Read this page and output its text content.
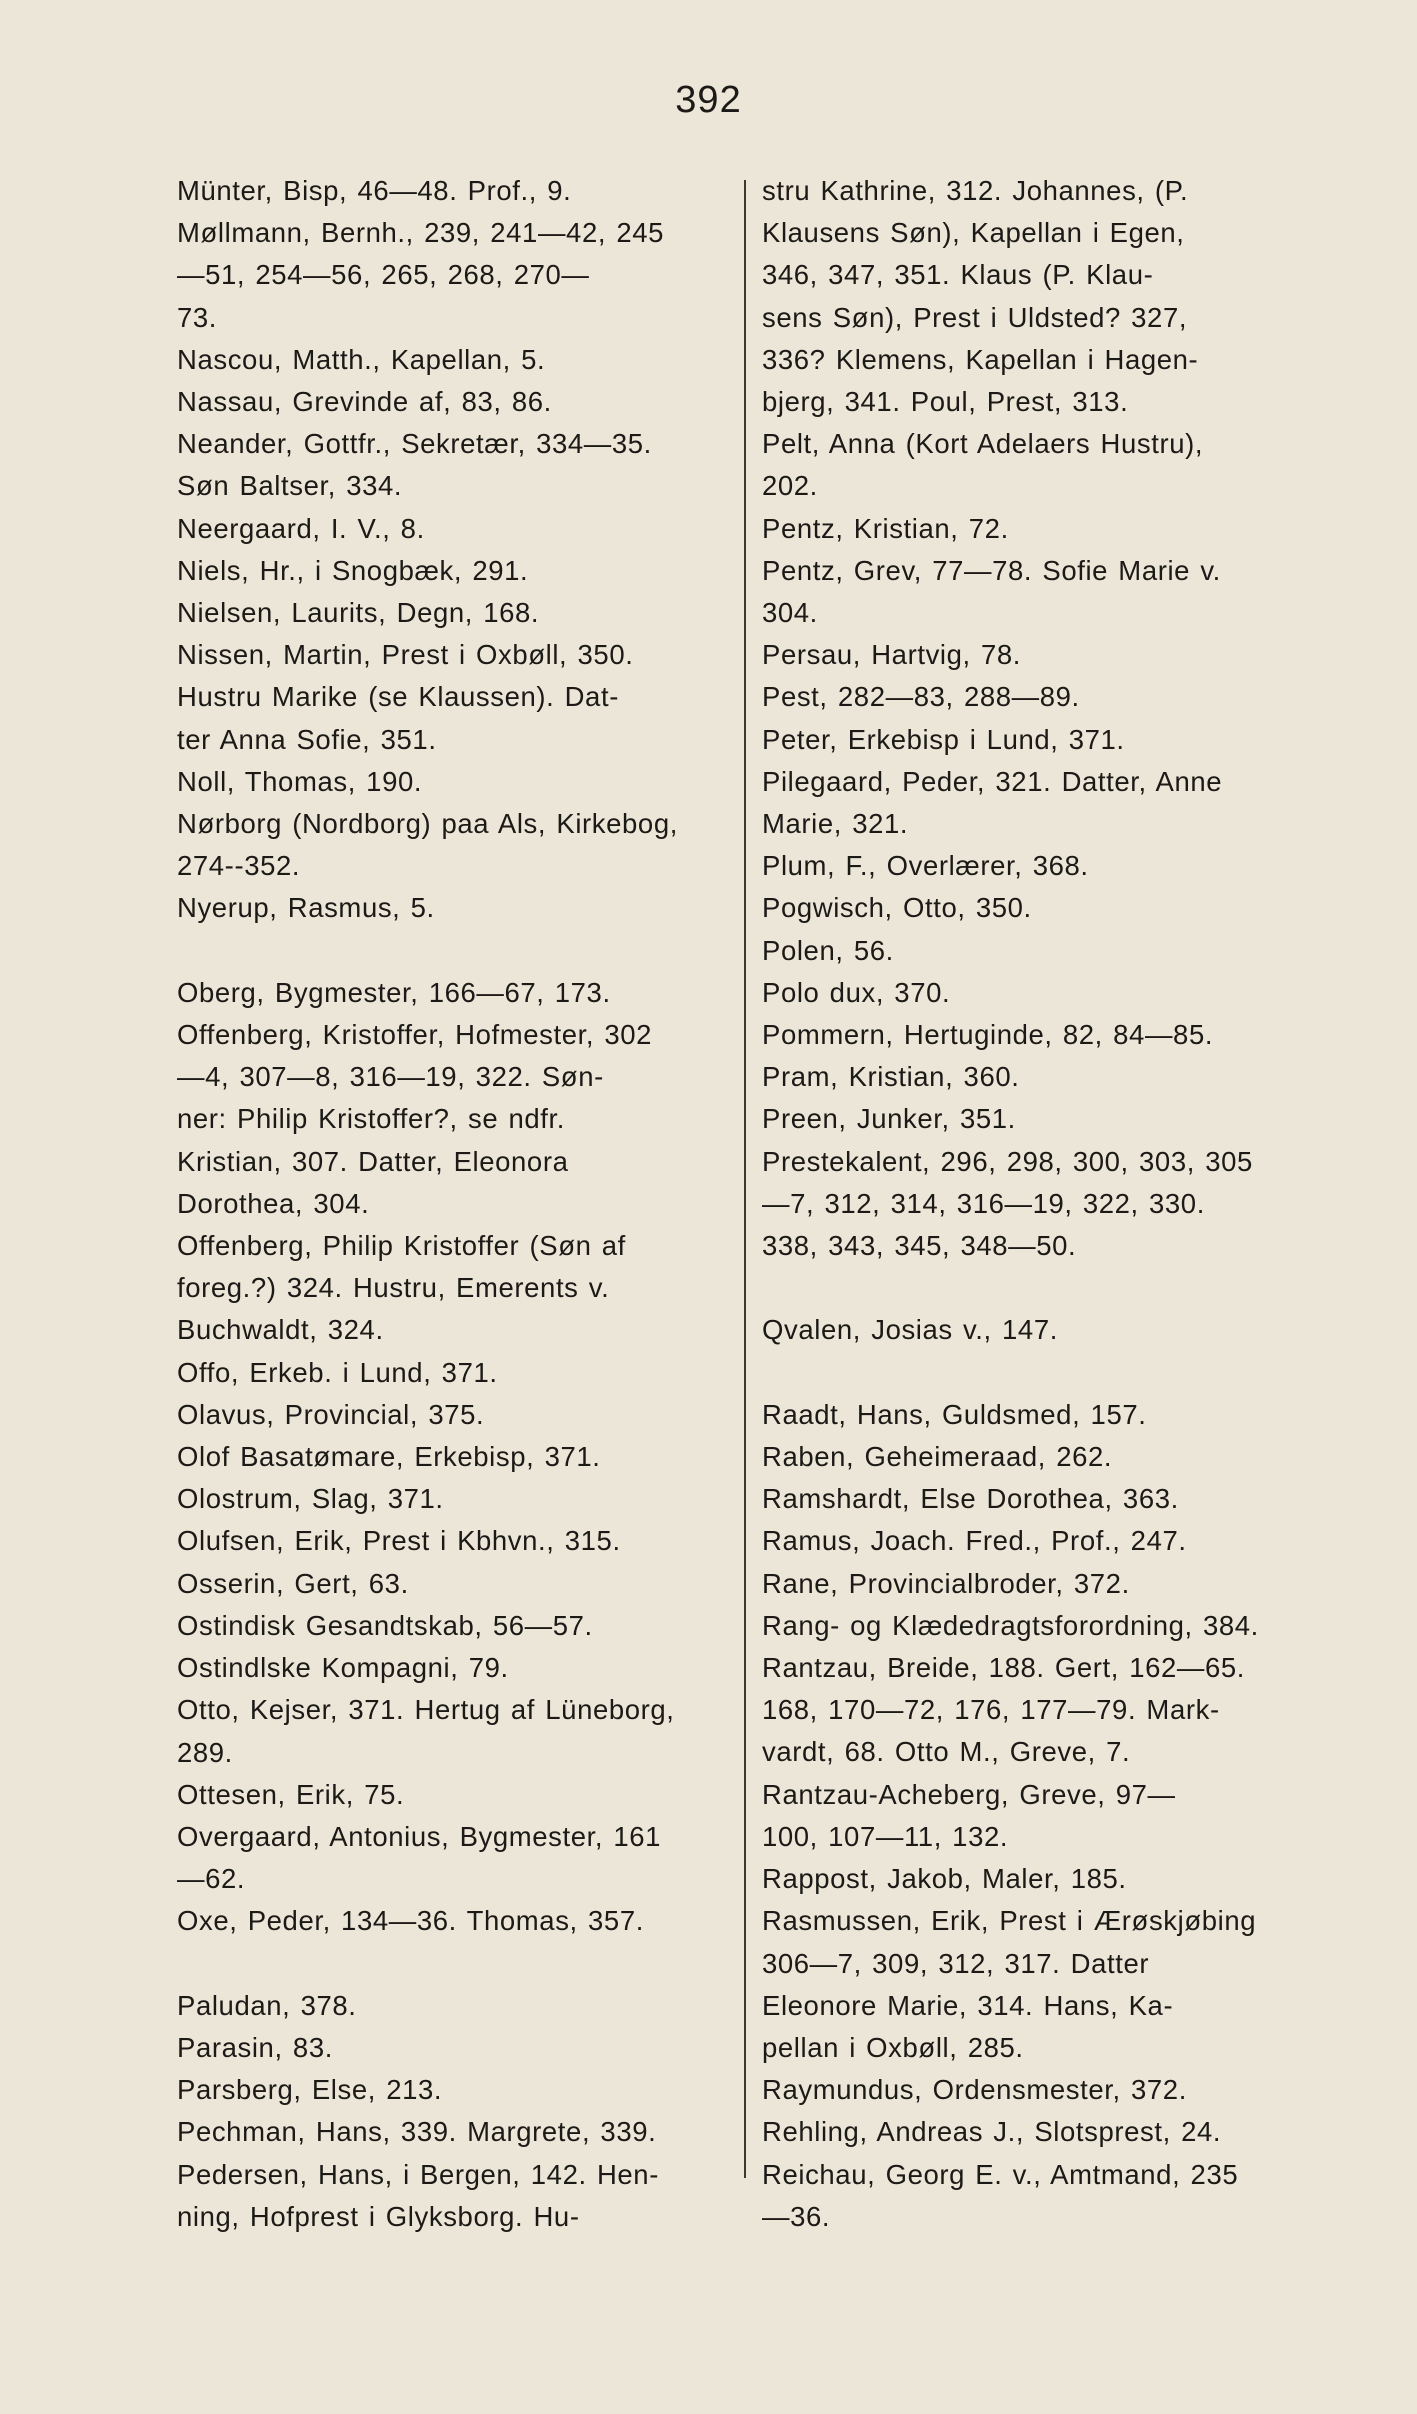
392
Münter, Bisp, 46—48. Prof., 9.
Møllmann, Bernh., 239, 241—42, 245
—51, 254—56, 265, 268, 270—
73.
Nascou, Matth., Kapellan, 5.
Nassau, Grevinde af, 83, 86.
Neander, Gottfr., Sekretær, 334—35.
Søn Baltser, 334.
Neergaard, I. V., 8.
Niels, Hr., i Snogbæk, 291.
Nielsen, Laurits, Degn, 168.
Nissen, Martin, Prest i Oxbøll, 350.
Hustru Marike (se Klaussen). Dat-
ter Anna Sofie, 351.
Noll, Thomas, 190.
Nørborg (Nordborg) paa Als, Kirkebog,
274--352.
Nyerup, Rasmus, 5.
Oberg, Bygmester, 166—67, 173.
Offenberg, Kristoffer, Hofmester, 302
—4, 307—8, 316—19, 322. Søn-
ner: Philip Kristoffer?, se ndfr.
Kristian, 307. Datter, Eleonora
Dorothea, 304.
Offenberg, Philip Kristoffer (Søn af
foreg.?) 324. Hustru, Emerents v.
Buchwaldt, 324.
Offo, Erkeb. i Lund, 371.
Olavus, Provincial, 375.
Olof Basatømare, Erkebisp, 371.
Olostrum, Slag, 371.
Olufsen, Erik, Prest i Kbhvn., 315.
Osserin, Gert, 63.
Ostindisk Gesandtskab, 56—57.
Ostindlske Kompagni, 79.
Otto, Kejser, 371. Hertug af Lüneborg,
289.
Ottesen, Erik, 75.
Overgaard, Antonius, Bygmester, 161
—62.
Oxe, Peder, 134—36. Thomas, 357.
Paludan, 378.
Parasin, 83.
Parsberg, Else, 213.
Pechman, Hans, 339. Margrete, 339.
Pedersen, Hans, i Bergen, 142. Hen-
ning, Hofprest i Glyksborg. Hu-
stru Kathrine, 312. Johannes, (P.
Klausens Søn), Kapellan i Egen,
346, 347, 351. Klaus (P. Klau-
sens Søn), Prest i Uldsted? 327,
336? Klemens, Kapellan i Hagen-
bjerg, 341. Poul, Prest, 313.
Pelt, Anna (Kort Adelaers Hustru),
202.
Pentz, Kristian, 72.
Pentz, Grev, 77—78. Sofie Marie v.
304.
Persau, Hartvig, 78.
Pest, 282—83, 288—89.
Peter, Erkebisp i Lund, 371.
Pilegaard, Peder, 321. Datter, Anne
Marie, 321.
Plum, F., Overlærer, 368.
Pogwisch, Otto, 350.
Polen, 56.
Polo dux, 370.
Pommern, Hertuginde, 82, 84—85.
Pram, Kristian, 360.
Preen, Junker, 351.
Prestekalent, 296, 298, 300, 303, 305
—7, 312, 314, 316—19, 322, 330.
338, 343, 345, 348—50.
Qvalen, Josias v., 147.
Raadt, Hans, Guldsmed, 157.
Raben, Geheimeraad, 262.
Ramshardt, Else Dorothea, 363.
Ramus, Joach. Fred., Prof., 247.
Rane, Provincialbroder, 372.
Rang- og Klædedragtsforordning, 384.
Rantzau, Breide, 188. Gert, 162—65.
168, 170—72, 176, 177—79. Mark-
vardt, 68. Otto M., Greve, 7.
Rantzau-Acheberg, Greve, 97—
100, 107—11, 132.
Rappost, Jakob, Maler, 185.
Rasmussen, Erik, Prest i Ærøskjøbing
306—7, 309, 312, 317. Datter
Eleonore Marie, 314. Hans, Ka-
pellan i Oxbøll, 285.
Raymundus, Ordensmester, 372.
Rehling, Andreas J., Slotsprest, 24.
Reichau, Georg E. v., Amtmand, 235
—36.
